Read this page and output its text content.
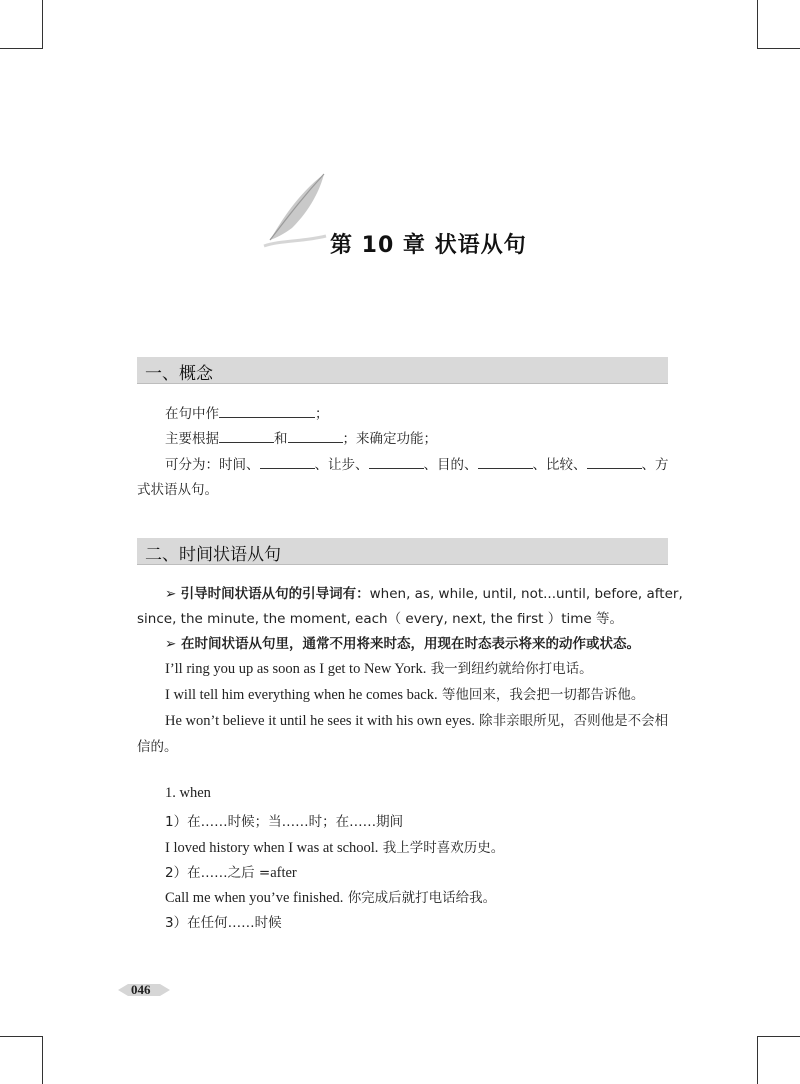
第 10 章 状语从句
一、概念
在句中作	；
主要根据	和	；来确定功能；
可分为：时间、	、让步、	、目的、	、比较、	、方
式状语从句。
二、时间状语从句
➢ 引导时间状语从句的引导词有：when, as, while, until, not...until, before, after,
since, the minute, the moment, each（ every, next, the first ）time 等。
➢ 在时间状语从句里，通常不用将来时态，用现在时态表示将来的动作或状态。
I’ll ring you up as soon as I get to New York. 我一到纽约就给你打电话。
I will tell him everything when he comes back. 等他回来，我会把一切都告诉他。
He won’t believe it until he sees it with his own eyes. 除非亲眼所见，否则他是不会相
信的。
1. when
1）在……时候；当……时；在……期间
I loved history when I was at school. 我上学时喜欢历史。
2）在……之后 =after
Call me when you’ve finished. 你完成后就打电话给我。
3）在任何……时候
046
